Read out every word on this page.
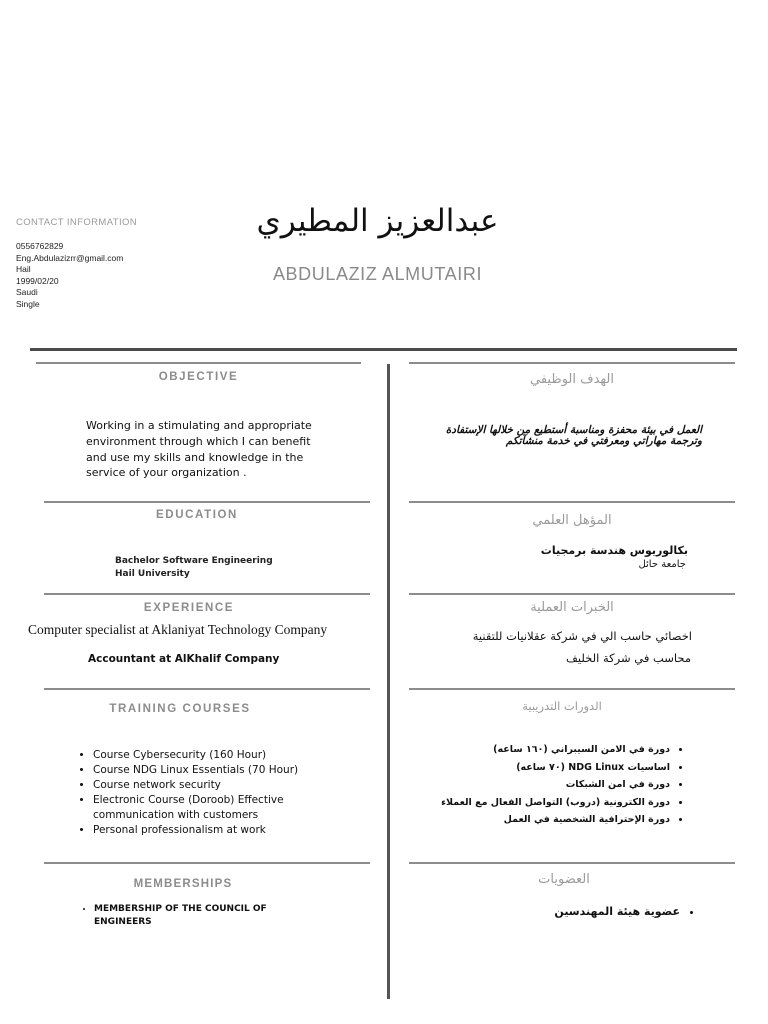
CONTACT INFORMATION
0556762829
Eng.Abdulazizrr@gmail.com
Hail
1999/02/20
Saudi
Single
عبدالعزيز المطيري
ABDULAZIZ ALMUTAIRI
OBJECTIVE	الهدف الوظيفي
Working in a stimulating and appropriate environment through which I can benefit and use my skills and knowledge in the service of your organization .
العمل في بيئة محفزة ومناسبة أستطيع من خلالها الإستفادة وترجمة مهاراتي ومعرفتي في خدمة منشآتكم
EDUCATION	المؤهل العلمي
Bachelor Software Engineering
Hail University
بكالوريوس هندسة برمجيات
جامعة حائل
EXPERIENCE	الخبرات العملية
Computer specialist at Aklaniyat Technology Company
Accountant at AlKhalif Company
اخصائي حاسب الي في شركة عقلانيات للتقنية
محاسب في شركة الخليف
TRAINING COURSES	الدورات التدريبية
• Course Cybersecurity (160 Hour)
• Course NDG Linux Essentials (70 Hour)
• Course network security
• Electronic Course (Doroob) Effective communication with customers
• Personal professionalism at work
• دورة في الامن السيبراني (١٦٠ ساعه)
• اساسيات NDG Linux (٧٠ ساعه)
• دورة في امن الشبكات
• دورة الكترونية (دروب) التواصل الفعال مع العملاء
• دورة الإحترافية الشخصية في العمل
MEMBERSHIPS	العضويات
• MEMBERSHIP OF THE COUNCIL OF ENGINEERS
• عضوية هيئة المهندسين
